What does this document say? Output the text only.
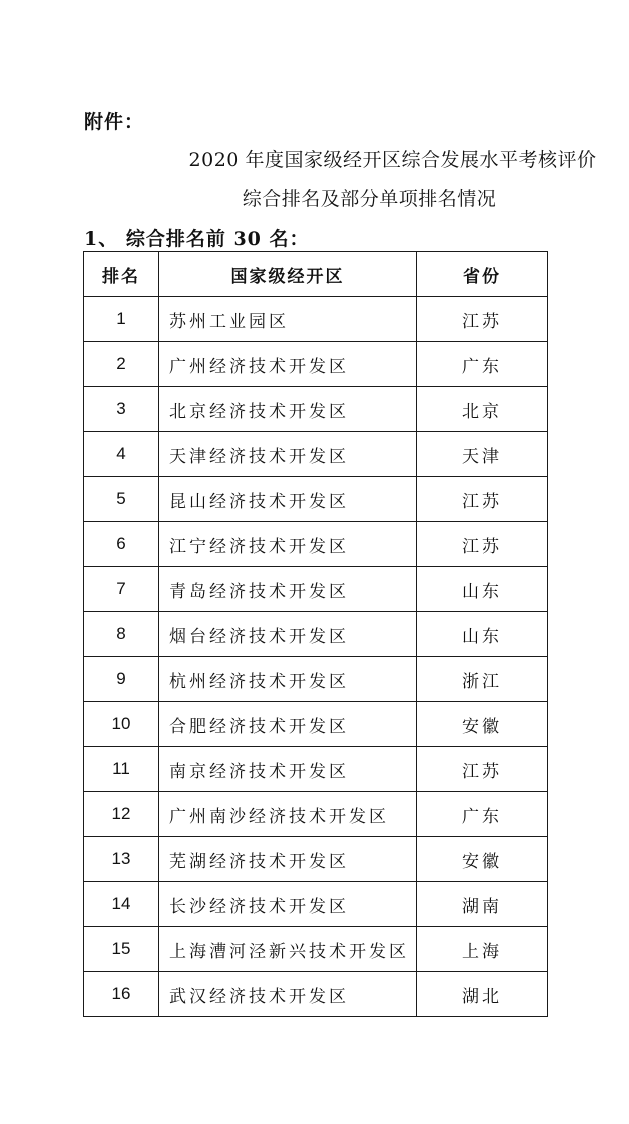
附件：
2020 年度国家级经开区综合发展水平考核评价
综合排名及部分单项排名情况
1、 综合排名前 30 名：
排名	国家级经开区	省份
1	苏州工业园区	江苏
2	广州经济技术开发区	广东
3	北京经济技术开发区	北京
4	天津经济技术开发区	天津
5	昆山经济技术开发区	江苏
6	江宁经济技术开发区	江苏
7	青岛经济技术开发区	山东
8	烟台经济技术开发区	山东
9	杭州经济技术开发区	浙江
10	合肥经济技术开发区	安徽
11	南京经济技术开发区	江苏
12	广州南沙经济技术开发区	广东
13	芜湖经济技术开发区	安徽
14	长沙经济技术开发区	湖南
15	上海漕河泾新兴技术开发区	上海
16	武汉经济技术开发区	湖北
